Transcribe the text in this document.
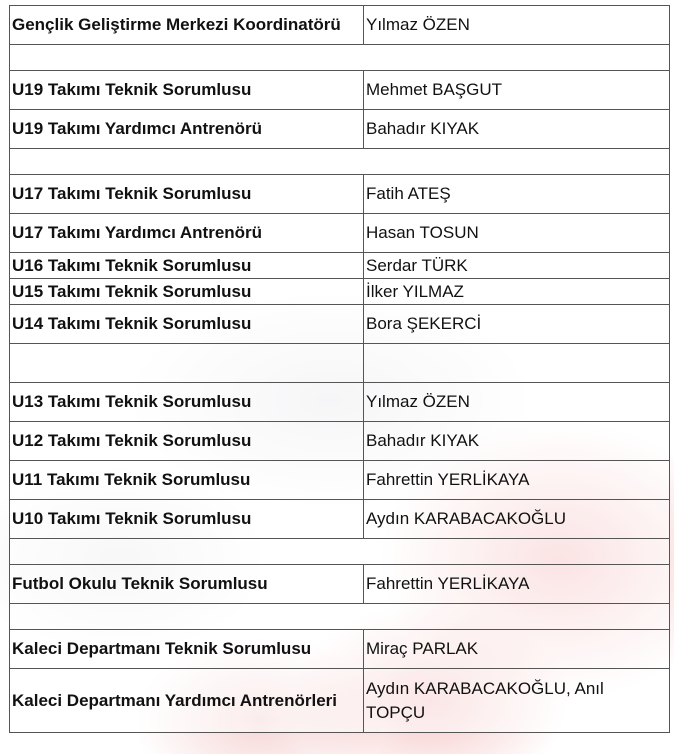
Gençlik Geliştirme Merkezi Koordinatörü	Yılmaz ÖZEN

U19 Takımı Teknik Sorumlusu	Mehmet BAŞGUT
U19 Takımı Yardımcı Antrenörü	Bahadır KIYAK

U17 Takımı Teknik Sorumlusu	Fatih ATEŞ
U17 Takımı Yardımcı Antrenörü	Hasan TOSUN
U16 Takımı Teknik Sorumlusu	Serdar TÜRK
U15 Takımı Teknik Sorumlusu	İlker YILMAZ
U14 Takımı Teknik Sorumlusu	Bora ŞEKERCİ

U13 Takımı Teknik Sorumlusu	Yılmaz ÖZEN
U12 Takımı Teknik Sorumlusu	Bahadır KIYAK
U11 Takımı Teknik Sorumlusu	Fahrettin YERLİKAYA
U10 Takımı Teknik Sorumlusu	Aydın KARABACAKOĞLU

Futbol Okulu Teknik Sorumlusu	Fahrettin YERLİKAYA

Kaleci Departmanı Teknik Sorumlusu	Miraç PARLAK
Kaleci Departmanı Yardımcı Antrenörleri	Aydın KARABACAKOĞLU, Anıl TOPÇU
